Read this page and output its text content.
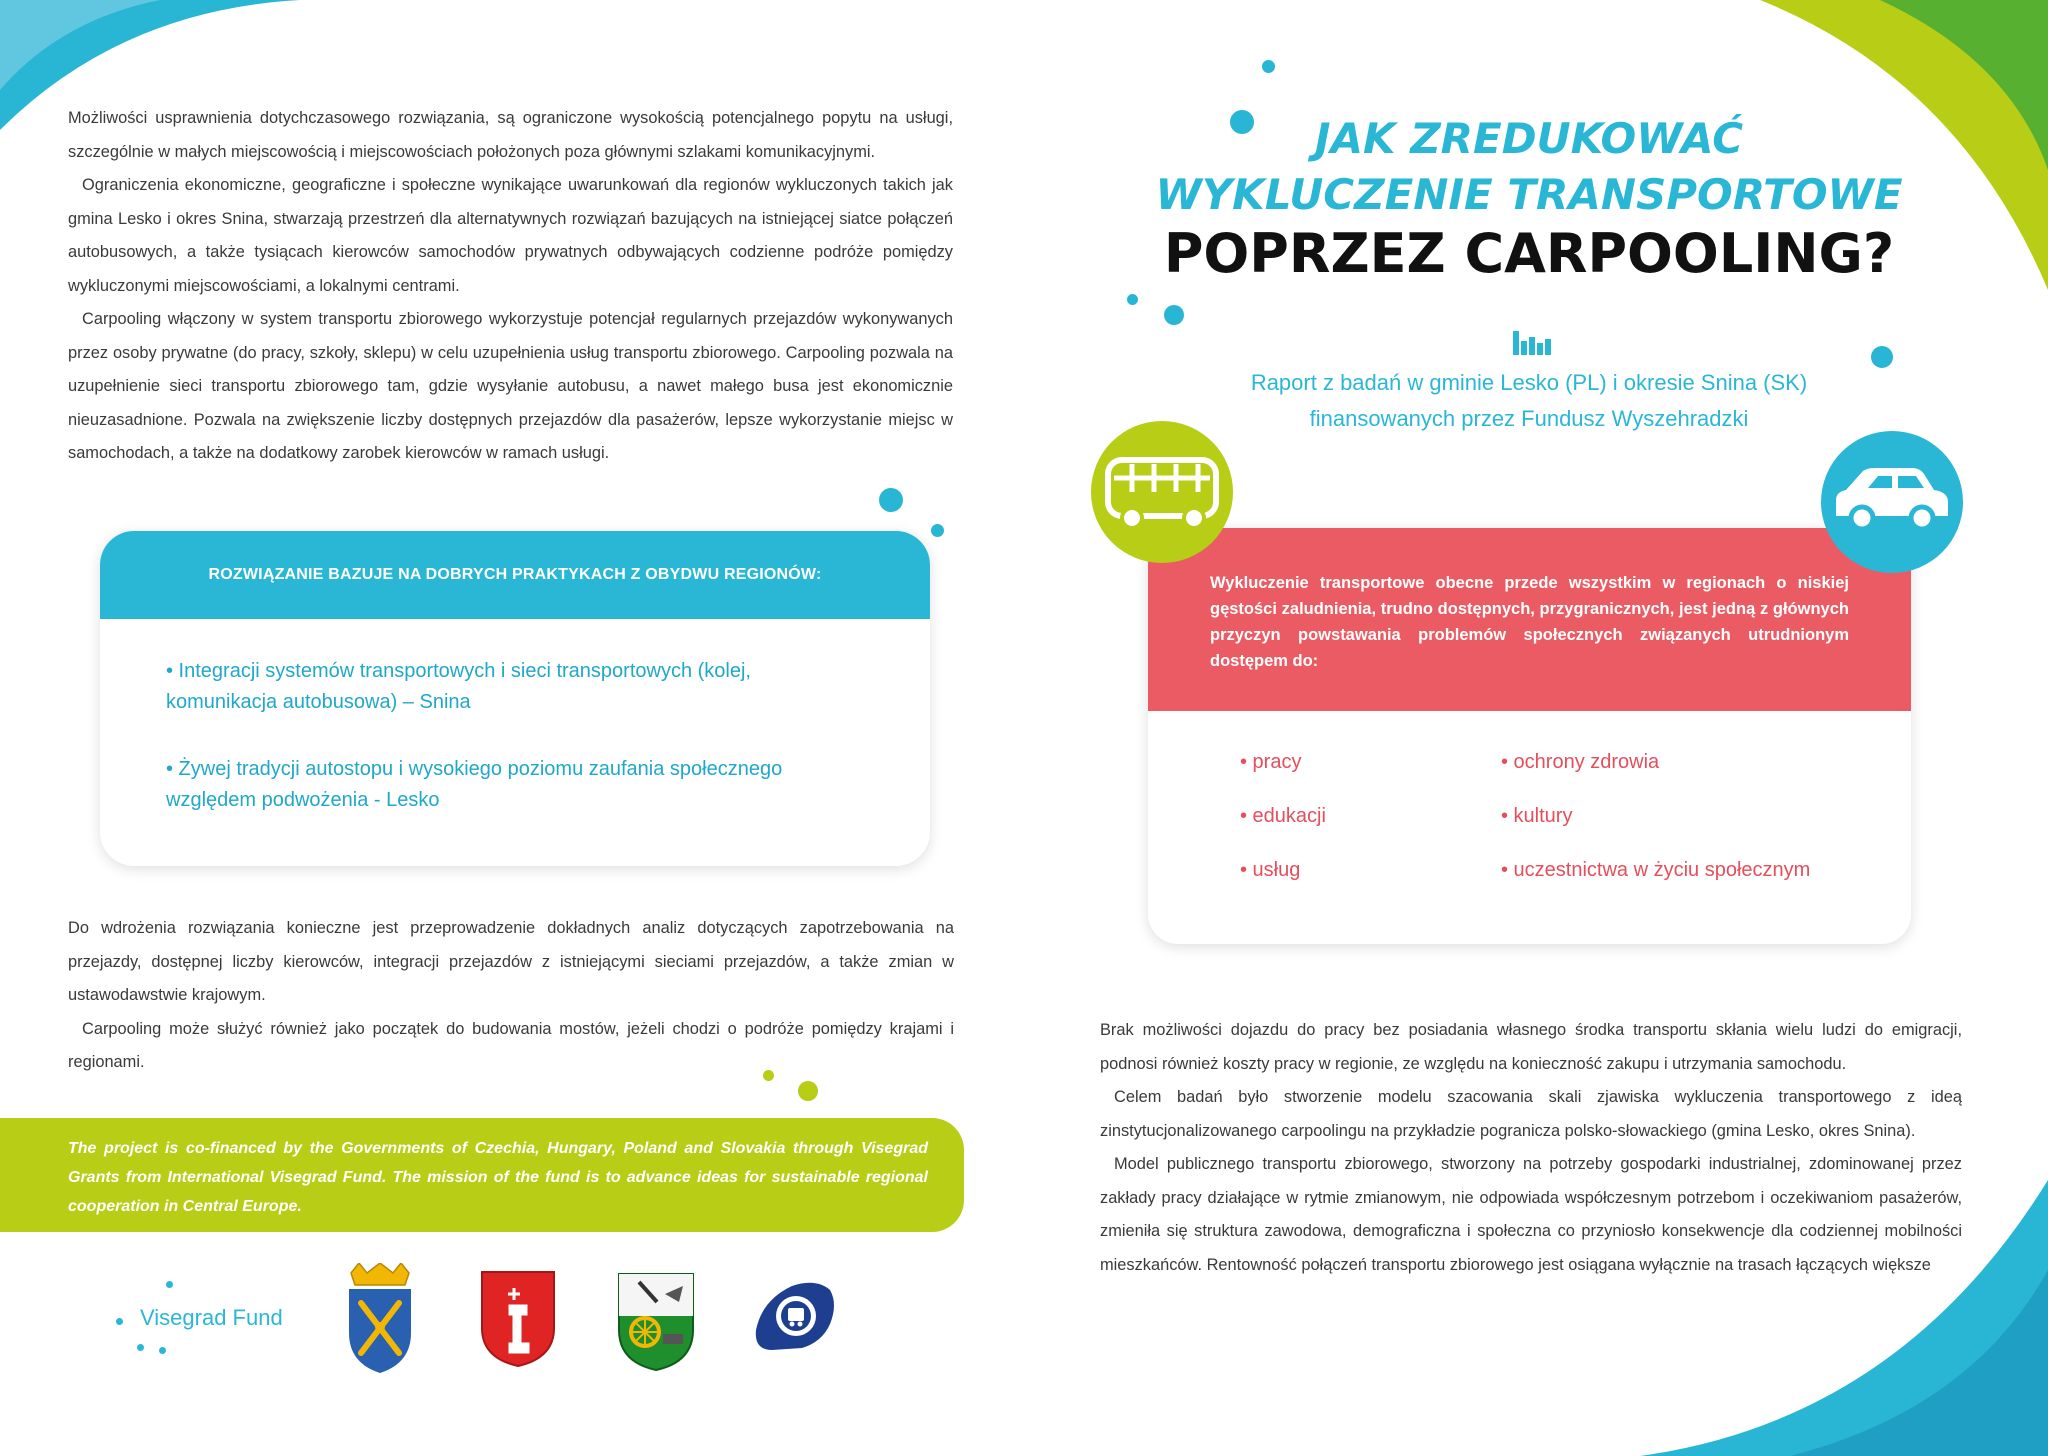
Możliwości usprawnienia dotychczasowego rozwiązania, są ograniczone wysokością potencjalnego popytu na usługi, szczególnie w małych miejscowością i miejscowościach położonych poza głównymi szlakami komunikacyjnymi.

Ograniczenia ekonomiczne, geograficzne i społeczne wynikające uwarunkowań dla regionów wykluczonych takich jak gmina Lesko i okres Snina, stwarzają przestrzeń dla alternatywnych rozwiązań bazujących na istniejącej siatce połączeń autobusowych, a także tysiącach kierowców samochodów prywatnych odbywających codzienne podróże pomiędzy wykluczonymi miejscowościami, a lokalnymi centrami.

Carpooling włączony w system transportu zbiorowego wykorzystuje potencjał regularnych przejazdów wykonywanych przez osoby prywatne (do pracy, szkoły, sklepu) w celu uzupełnienia usług transportu zbiorowego. Carpooling pozwala na uzupełnienie sieci transportu zbiorowego tam, gdzie wysyłanie autobusu, a nawet małego busa jest ekonomicznie nieuzasadnione. Pozwala na zwiększenie liczby dostępnych przejazdów dla pasażerów, lepsze wykorzystanie miejsc w samochodach, a także na dodatkowy zarobek kierowców w ramach usługi.

ROZWIĄZANIE BAZUJE NA DOBRYCH PRAKTYKACH Z OBYDWU REGIONÓW:
• Integracji systemów transportowych i sieci transportowych (kolej, komunikacja autobusowa) – Snina
• Żywej tradycji autostopu i wysokiego poziomu zaufania społecznego względem podwożenia - Lesko

Do wdrożenia rozwiązania konieczne jest przeprowadzenie dokładnych analiz dotyczących zapotrzebowania na przejazdy, dostępnej liczby kierowców, integracji przejazdów z istniejącymi sieciami przejazdów, a także zmian w ustawodawstwie krajowym.

Carpooling może służyć również jako początek do budowania mostów, jeżeli chodzi o podróże pomiędzy krajami i regionami.

The project is co-financed by the Governments of Czechia, Hungary, Poland and Slovakia through Visegrad Grants from International Visegrad Fund. The mission of the fund is to advance ideas for sustainable regional cooperation in Central Europe.
Visegrad Fund
JAK ZREDUKOWAĆ
WYKLUCZENIE TRANSPORTOWE
POPRZEZ CARPOOLING?
Raport z badań w gminie Lesko (PL) i okresie Snina (SK)
finansowanych przez Fundusz Wyszehradzki
Wykluczenie transportowe obecne przede wszystkim w regionach o niskiej gęstości zaludnienia, trudno dostępnych, przygranicznych, jest jedną z głównych przyczyn powstawania problemów społecznych związanych utrudnionym dostępem do:
• pracy
• edukacji
• usług
• ochrony zdrowia
• kultury
• uczestnictwa w życiu społecznym

Brak możliwości dojazdu do pracy bez posiadania własnego środka transportu skłania wielu ludzi do emigracji, podnosi również koszty pracy w regionie, ze względu na konieczność zakupu i utrzymania samochodu.

Celem badań było stworzenie modelu szacowania skali zjawiska wykluczenia transportowego z ideą zinstytucjonalizowanego carpoolingu na przykładzie pogranicza polsko-słowackiego (gmina Lesko, okres Snina).

Model publicznego transportu zbiorowego, stworzony na potrzeby gospodarki industrialnej, zdominowanej przez zakłady pracy działające w rytmie zmianowym, nie odpowiada współczesnym potrzebom i oczekiwaniom pasażerów, zmieniła się struktura zawodowa, demograficzna i społeczna co przyniosło konsekwencje dla codziennej mobilności mieszkańców. Rentowność połączeń transportu zbiorowego jest osiągana wyłącznie na trasach łączących większe
